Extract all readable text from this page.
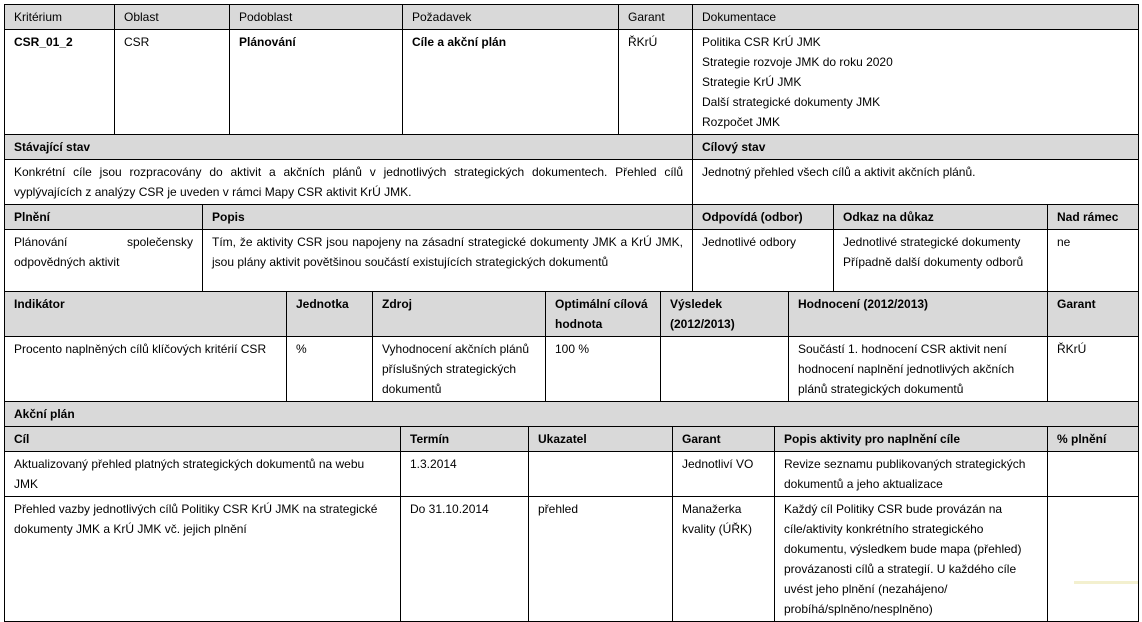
Kritérium	Oblast	Podoblast	Požadavek	Garant	Dokumentace
CSR_01_2	CSR	Plánování	Cíle a akční plán	ŘKrÚ	Politika CSR KrÚ JMK
Strategie rozvoje JMK do roku 2020
Strategie KrÚ JMK
Další strategické dokumenty JMK
Rozpočet JMK
Stávající stav	Cílový stav
Konkrétní cíle jsou rozpracovány do aktivit a akčních plánů v jednotlivých strategických dokumentech. Přehled cílů vyplývajících z analýzy CSR je uveden v rámci Mapy CSR aktivit KrÚ JMK.	Jednotný přehled všech cílů a aktivit akčních plánů.
Plnění	Popis	Odpovídá (odbor)	Odkaz na důkaz	Nad rámec
Plánování společensky odpovědných aktivit	Tím, že aktivity CSR jsou napojeny na zásadní strategické dokumenty JMK a KrÚ JMK, jsou plány aktivit povětšinou součástí existujících strategických dokumentů	Jednotlivé odbory	Jednotlivé strategické dokumenty
Případně další dokumenty odborů	ne
Indikátor	Jednotka	Zdroj	Optimální cílová hodnota	Výsledek (2012/2013)	Hodnocení (2012/2013)	Garant
Procento naplněných cílů klíčových kritérií CSR	%	Vyhodnocení akčních plánů příslušných strategických dokumentů	100 %		Součástí 1. hodnocení CSR aktivit není hodnocení naplnění jednotlivých akčních plánů strategických dokumentů	ŘKrÚ
Akční plán					
Cíl	Termín	Ukazatel	Garant	Popis aktivity pro naplnění cíle	% plnění
Aktualizovaný přehled platných strategických dokumentů na webu JMK	1.3.2014		Jednotliví VO	Revize seznamu publikovaných strategických dokumentů a jeho aktualizace	
Přehled vazby jednotlivých cílů Politiky CSR KrÚ JMK na strategické dokumenty JMK a KrÚ JMK vč. jejich plnění	Do 31.10.2014	přehled	Manažerka kvality (ÚŘK)	Každý cíl Politiky CSR bude provázán na cíle/aktivity konkrétního strategického dokumentu, výsledkem bude mapa (přehled) provázanosti cílů a strategií. U každého cíle uvést jeho plnění (nezahájeno/ probíhá/splněno/nesplněno)	
